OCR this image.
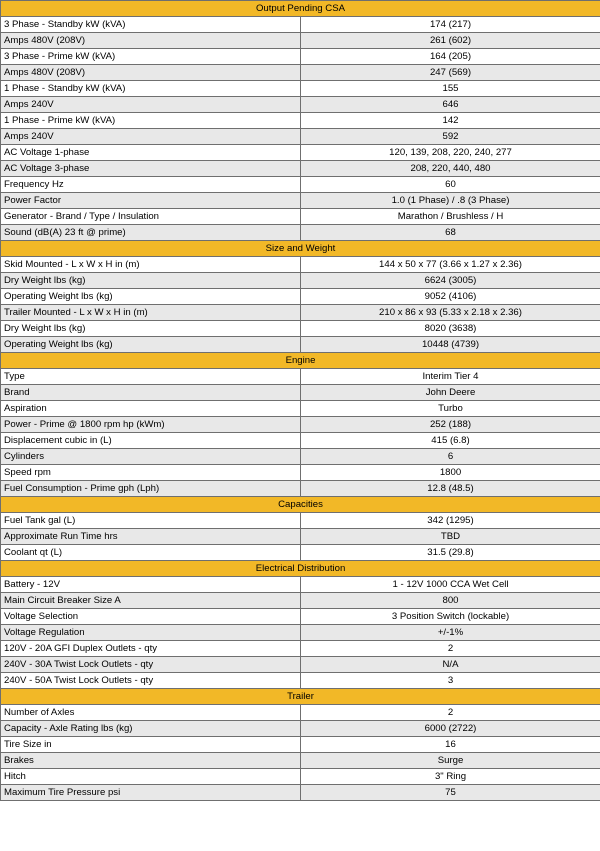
Output Pending CSA	
3 Phase - Standby kW (kVA)	174 (217)
Amps 480V (208V)	261 (602)
3 Phase - Prime kW (kVA)	164 (205)
Amps 480V (208V)	247 (569)
1 Phase - Standby kW (kVA)	155
Amps 240V	646
1 Phase - Prime kW (kVA)	142
Amps 240V	592
AC Voltage 1-phase	120, 139, 208, 220, 240, 277
AC Voltage 3-phase	208, 220, 440, 480
Frequency Hz	60
Power Factor	1.0 (1 Phase) / .8 (3 Phase)
Generator - Brand / Type / Insulation	Marathon / Brushless / H
Sound (dB(A) 23 ft @ prime)	68
Size and Weight	
Skid Mounted - L x W x H in (m)	144 x 50 x 77 (3.66 x 1.27 x 2.36)
Dry Weight lbs (kg)	6624 (3005)
Operating Weight lbs (kg)	9052 (4106)
Trailer Mounted - L x W x H in (m)	210 x 86 x 93 (5.33 x 2.18 x 2.36)
Dry Weight lbs (kg)	8020 (3638)
Operating Weight lbs (kg)	10448 (4739)
Engine	
Type	Interim Tier 4
Brand	John Deere
Aspiration	Turbo
Power - Prime @ 1800 rpm hp (kWm)	252 (188)
Displacement cubic in (L)	415 (6.8)
Cylinders	6
Speed rpm	1800
Fuel Consumption - Prime gph (Lph)	12.8 (48.5)
Capacities	
Fuel Tank gal (L)	342 (1295)
Approximate Run Time hrs	TBD
Coolant qt (L)	31.5 (29.8)
Electrical Distribution	
Battery - 12V	1 - 12V 1000 CCA Wet Cell
Main Circuit Breaker Size A	800
Voltage Selection	3 Position Switch (lockable)
Voltage Regulation	+/-1%
120V - 20A GFI Duplex Outlets - qty	2
240V - 30A Twist Lock Outlets - qty	N/A
240V - 50A Twist Lock Outlets - qty	3
Trailer	
Number of Axles	2
Capacity - Axle Rating lbs (kg)	6000 (2722)
Tire Size in	16
Brakes	Surge
Hitch	3" Ring
Maximum Tire Pressure psi	75
